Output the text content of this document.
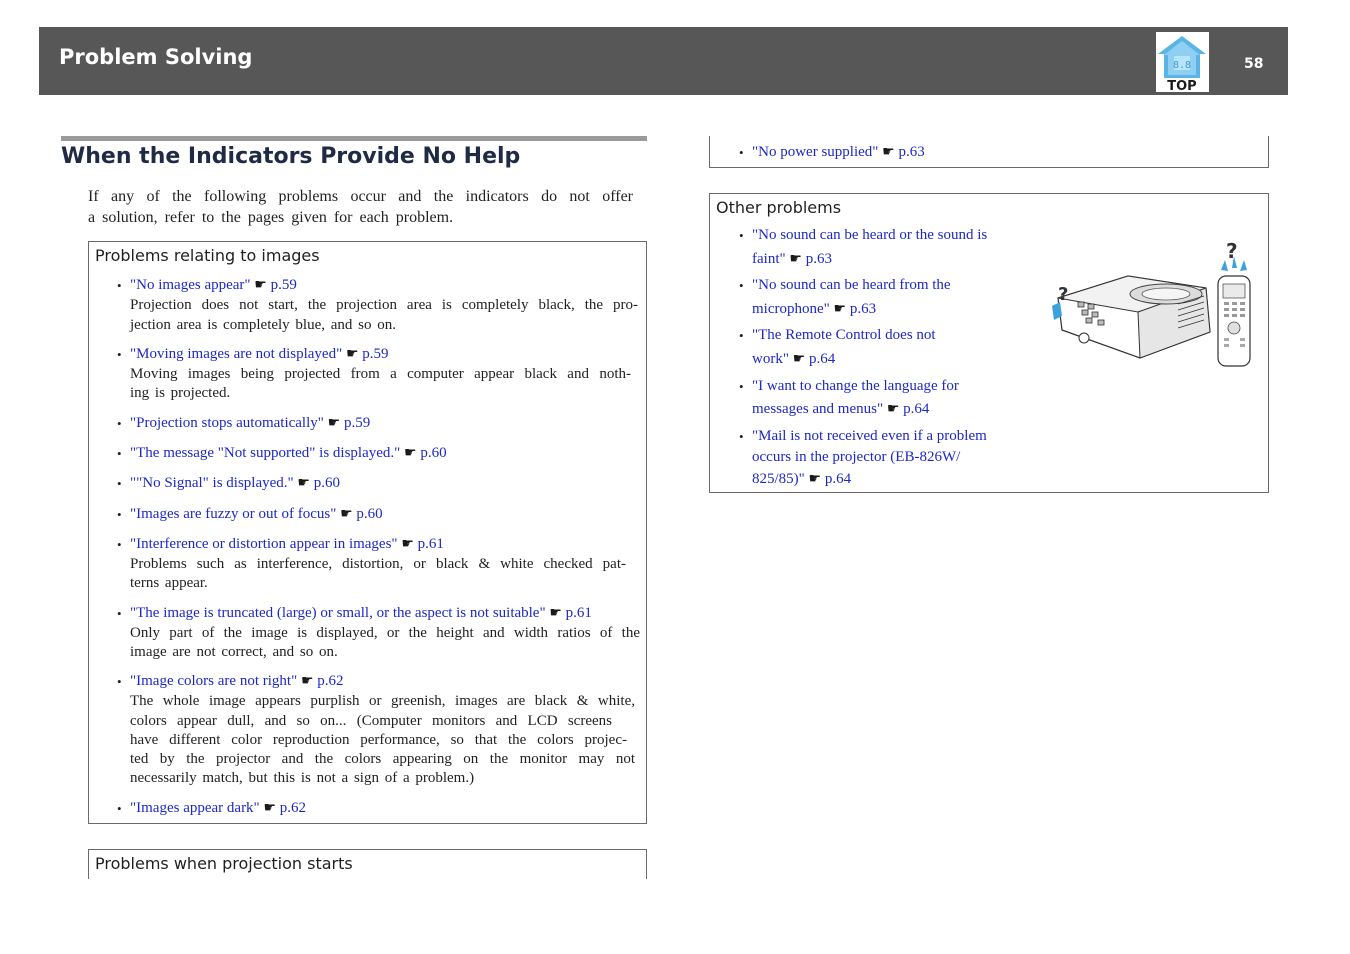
Problem Solving	8.8
TOP
58
When the Indicators Provide No Help
If any of the following problems occur and the indicators do not offer
a solution, refer to the pages given for each problem.
Problems relating to images
• "No images appear" ☛ p.59
Projection does not start, the projection area is completely black, the pro-
jection area is completely blue, and so on.
• "Moving images are not displayed" ☛ p.59
Moving images being projected from a computer appear black and noth-
ing is projected.
• "Projection stops automatically" ☛ p.59
• "The message "Not supported" is displayed." ☛ p.60
• ""No Signal" is displayed." ☛ p.60
• "Images are fuzzy or out of focus" ☛ p.60
• "Interference or distortion appear in images" ☛ p.61
Problems such as interference, distortion, or black & white checked pat-
terns appear.
• "The image is truncated (large) or small, or the aspect is not suitable" ☛ p.61
Only part of the image is displayed, or the height and width ratios of the
image are not correct, and so on.
• "Image colors are not right" ☛ p.62
The whole image appears purplish or greenish, images are black & white,
colors appear dull, and so on... (Computer monitors and LCD screens
have different color reproduction performance, so that the colors projec-
ted by the projector and the colors appearing on the monitor may not
necessarily match, but this is not a sign of a problem.)
• "Images appear dark" ☛ p.62
Problems when projection starts
• "No power supplied" ☛ p.63
Other problems
• "No sound can be heard or the sound is
faint" ☛ p.63
• "No sound can be heard from the
microphone" ☛ p.63
• "The Remote Control does not
work" ☛ p.64
• "I want to change the language for
messages and menus" ☛ p.64
• "Mail is not received even if a problem
occurs in the projector (EB-826W/
825/85)" ☛ p.64
?
?
